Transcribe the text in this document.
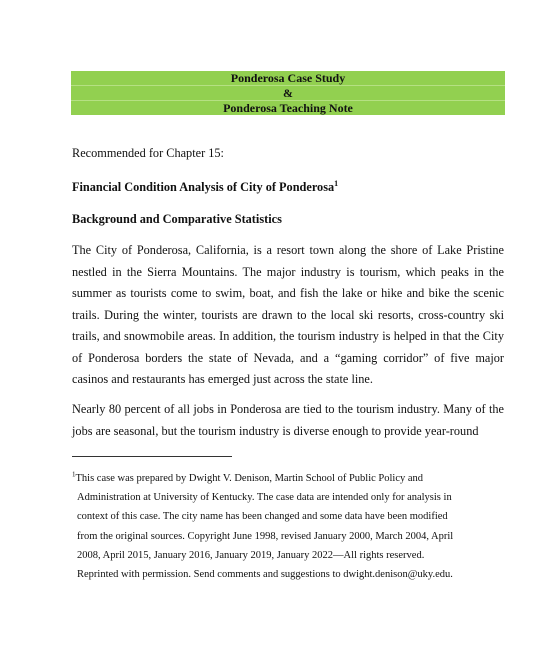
Ponderosa Case Study
&
Ponderosa Teaching Note
Recommended for Chapter 15:
Financial Condition Analysis of City of Ponderosa$^1$
Background and Comparative Statistics
The City of Ponderosa, California, is a resort town along the shore of Lake Pristine nestled in the Sierra Mountains. The major industry is tourism, which peaks in the summer as tourists come to swim, boat, and fish the lake or hike and bike the scenic trails. During the winter, tourists are drawn to the local ski resorts, cross-country ski trails, and snowmobile areas. In addition, the tourism industry is helped in that the City of Ponderosa borders the state of Nevada, and a “gaming corridor” of five major casinos and restaurants has emerged just across the state line.
Nearly 80 percent of all jobs in Ponderosa are tied to the tourism industry. Many of the jobs are seasonal, but the tourism industry is diverse enough to provide year-round
$^1$This case was prepared by Dwight V. Denison, Martin School of Public Policy and
Administration at University of Kentucky. The case data are intended only for analysis in
context of this case. The city name has been changed and some data have been modified
from the original sources. Copyright June 1998, revised January 2000, March 2004, April
2008, April 2015, January 2016, January 2019, January 2022—All rights reserved.
Reprinted with permission. Send comments and suggestions to dwight.denison@uky.edu.
